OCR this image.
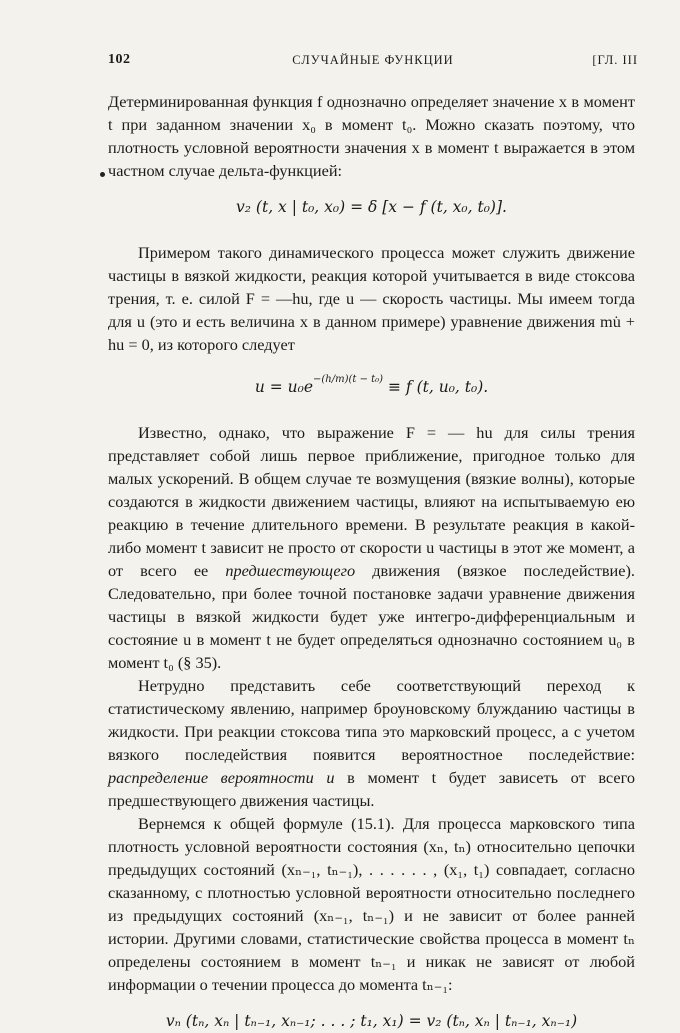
102	СЛУЧАЙНЫЕ ФУНКЦИИ	[ГЛ. III

Детерминированная функция f однозначно определяет значение x в момент t при заданном значении x₀ в момент t₀. Можно сказать поэтому, что плотность условной вероятности значения x в момент t выражается в этом частном случае дельта-функцией:

v₂ (t, x | t₀, x₀) = δ [x − f (t, x₀, t₀)].

Примером такого динамического процесса может служить движение частицы в вязкой жидкости, реакция которой учитывается в виде стоксова трения, т. е. силой F = —hu, где u — скорость частицы. Мы имеем тогда для u (это и есть величина x в данном примере) уравнение движения mu̇ + hu = 0, из которого следует

$u = u_0e^{-(h/m)(t - t_0)} \equiv f$ (t, u₀, t₀).

Известно, однако, что выражение F = — hu для силы трения представляет собой лишь первое приближение, пригодное только для малых ускорений. В общем случае те возмущения (вязкие волны), которые создаются в жидкости движением частицы, влияют на испытываемую ею реакцию в течение длительного времени. В результате реакция в какой-либо момент t зависит не просто от скорости u частицы в этот же момент, а от всего ее предшествующего движения (вязкое последействие). Следовательно, при более точной постановке задачи уравнение движения частицы в вязкой жидкости будет уже интегро-дифференциальным и состояние u в момент t не будет определяться однозначно состоянием u₀ в момент t₀ (§ 35).

Нетрудно представить себе соответствующий переход к статистическому явлению, например броуновскому блужданию частицы в жидкости. При реакции стоксова типа это марковский процесс, а с учетом вязкого последействия появится вероятностное последействие: распределение вероятности u в момент t будет зависеть от всего предшествующего движения частицы.

Вернемся к общей формуле (15.1). Для процесса марковского типа плотность условной вероятности состояния (xₙ, tₙ) относительно цепочки предыдущих состояний (xₙ₋₁, tₙ₋₁), . . . . . . , (x₁, t₁) совпадает, согласно сказанному, с плотностью условной вероятности относительно последнего из предыдущих состояний (xₙ₋₁, tₙ₋₁) и не зависит от более ранней истории. Другими словами, статистические свойства процесса в момент tₙ определены состоянием в момент tₙ₋₁ и никак не зависят от любой информации о течении процесса до момента tₙ₋₁:

vₙ (tₙ, xₙ | tₙ₋₁, xₙ₋₁; . . . ; t₁, x₁) = v₂ (tₙ, xₙ | tₙ₋₁, xₙ₋₁)
